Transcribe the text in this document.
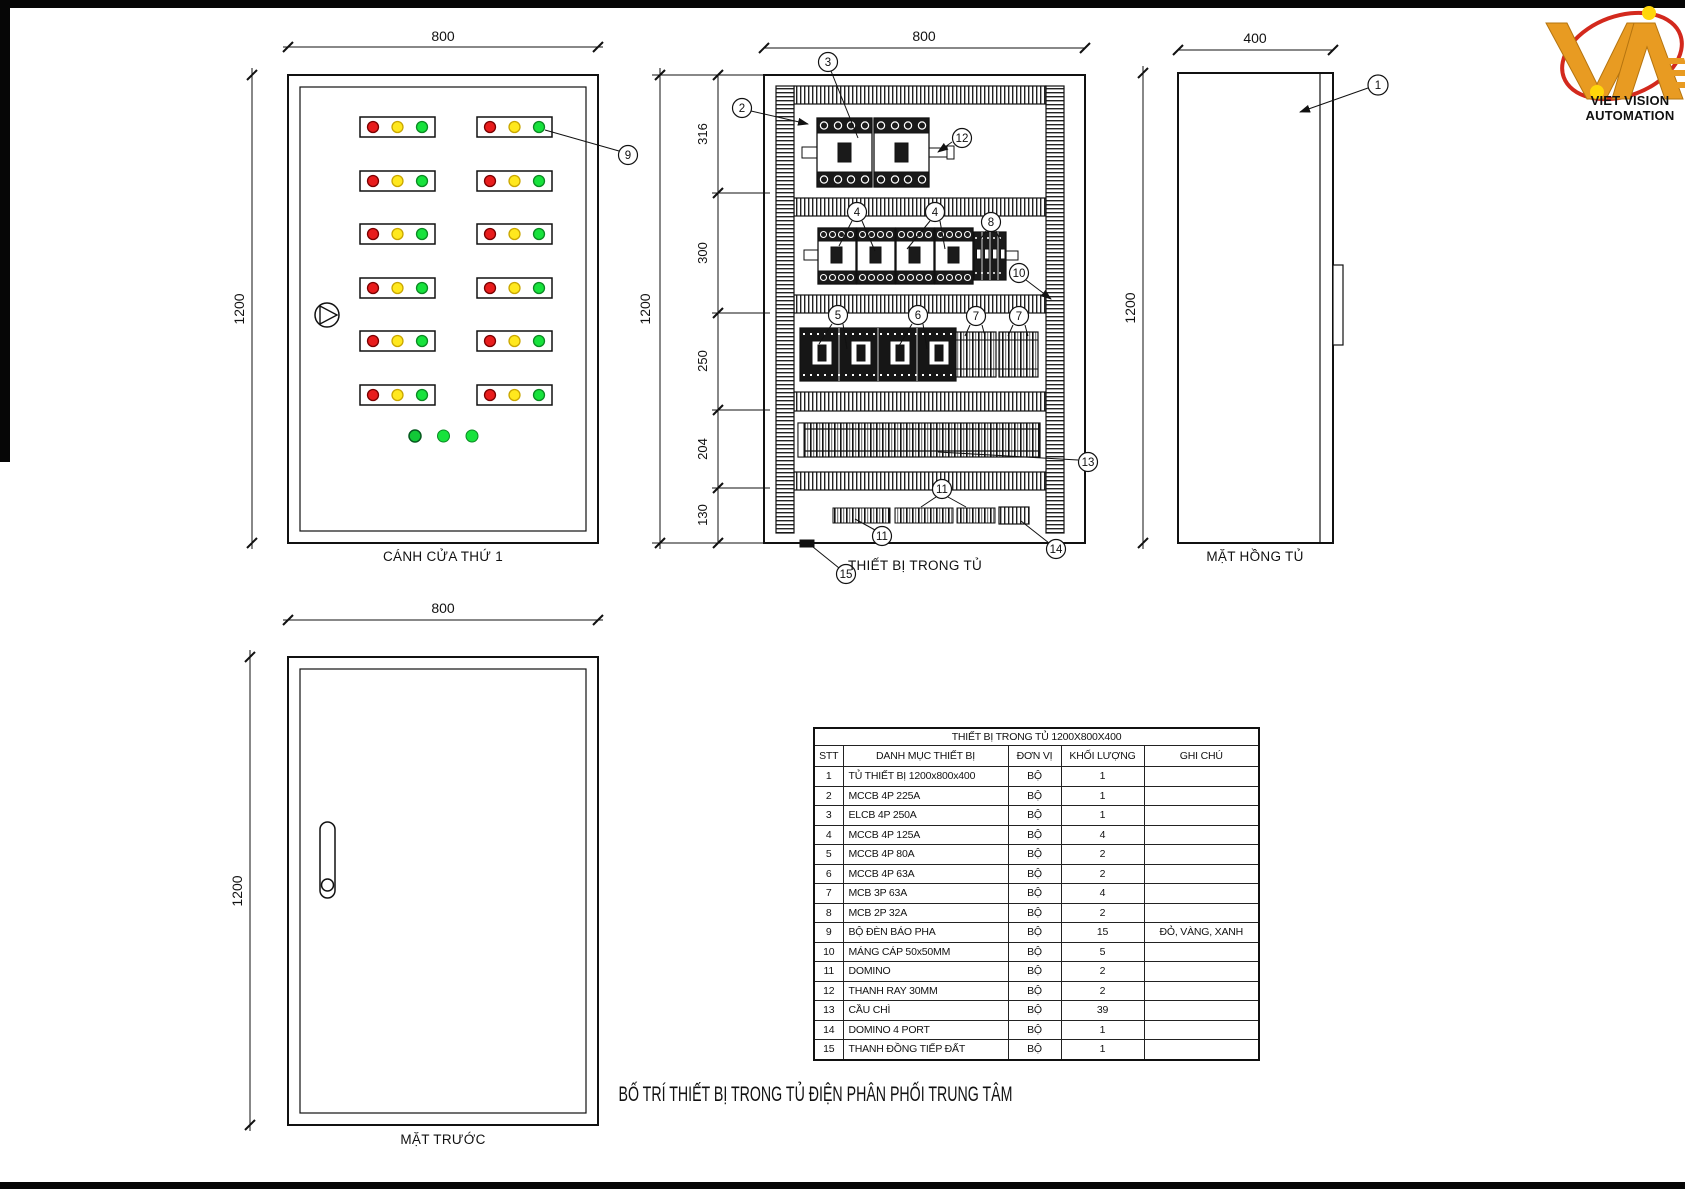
800
1200
9
CÁNH CỬA THỨ 1
800
1200
316
300
250
204
130
2
3
12
4	4
8
10
5	6	7	7
13
11
11
14
15
THIẾT BỊ TRONG TỦ
400
1200
1
MẶT HỒNG TỦ
800
1200
MẶT TRƯỚC
VIET VISION
AUTOMATION
THIẾT BỊ TRONG TỦ 1200X800X400				
STT	DANH MỤC THIẾT BỊ	ĐƠN VỊ	KHỐI LƯỢNG	GHI CHÚ
1	TỦ THIẾT BỊ 1200x800x400	BỘ	1	
2	MCCB 4P 225A	BỘ	1	
3	ELCB 4P 250A	BỘ	1	
4	MCCB 4P 125A	BỘ	4	
5	MCCB 4P 80A	BỘ	2	
6	MCCB 4P 63A	BỘ	2	
7	MCB 3P 63A	BỘ	4	
8	MCB 2P 32A	BỘ	2	
9	BỘ ĐÈN BÁO PHA	BỘ	15	ĐỎ, VÀNG, XANH
10	MÁNG CÁP 50x50MM	BỘ	5	
11	DOMINO	BỘ	2	
12	THANH RAY 30MM	BỘ	2	
13	CẦU CHÌ	BỘ	39	
14	DOMINO 4 PORT	BỘ	1	
15	THANH ĐỒNG TIẾP ĐẤT	BỘ	1	
BỐ TRÍ THIẾT BỊ TRONG TỦ ĐIỆN PHÂN PHỐI TRUNG TÂM
